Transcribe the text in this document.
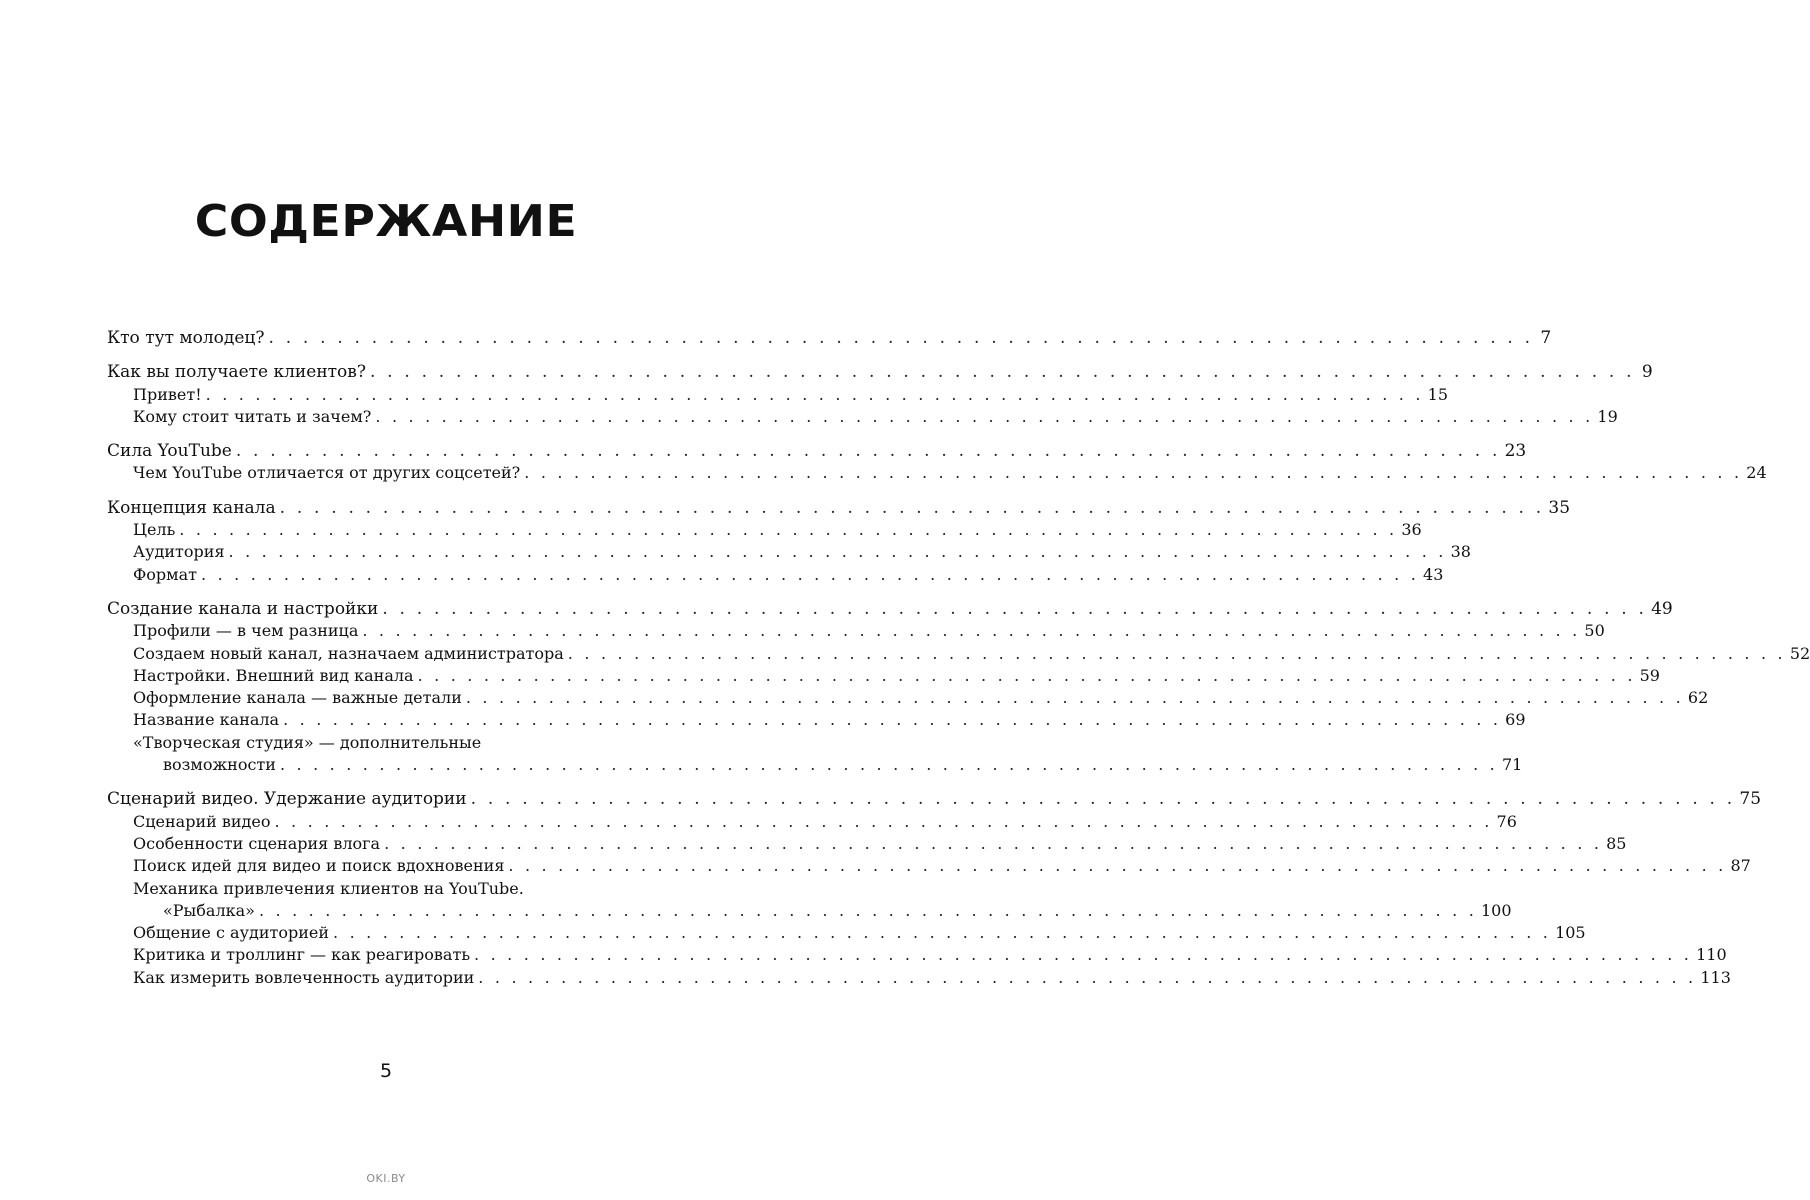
СОДЕРЖАНИЕ
Кто тут молодец? . . . . . . . . . . . . . . . . . . . . . . . . . . . . . . . . . . . . . . . . . . . . . . . . . . . . . . . . . . . . . . . . . . . . . . . . . . 7
Как вы получаете клиентов? . . . . . . . . . . . . . . . . . . . . . . . . . . . . . . . . . . . . . . . . . . . . . . . . . . . . . . . . . . . . . . . . . . . . . . . . . . 9
Привет! . . . . . . . . . . . . . . . . . . . . . . . . . . . . . . . . . . . . . . . . . . . . . . . . . . . . . . . . . . . . . . . . . . . . . . . . . . 15
Кому стоит читать и зачем? . . . . . . . . . . . . . . . . . . . . . . . . . . . . . . . . . . . . . . . . . . . . . . . . . . . . . . . . . . . . . . . . . . . . . . . . . . 19
Сила YouTube . . . . . . . . . . . . . . . . . . . . . . . . . . . . . . . . . . . . . . . . . . . . . . . . . . . . . . . . . . . . . . . . . . . . . . . . . . 23
Чем YouTube отличается от других соцсетей? . . . . . . . . . . . . . . . . . . . . . . . . . . . . . . . . . . . . . . . . . . . . . . . . . . . . . . . . . . . . . . . . . . . . . . . . . . 24
Концепция канала . . . . . . . . . . . . . . . . . . . . . . . . . . . . . . . . . . . . . . . . . . . . . . . . . . . . . . . . . . . . . . . . . . . . . . . . . . 35
Цель . . . . . . . . . . . . . . . . . . . . . . . . . . . . . . . . . . . . . . . . . . . . . . . . . . . . . . . . . . . . . . . . . . . . . . . . . . 36
Аудитория . . . . . . . . . . . . . . . . . . . . . . . . . . . . . . . . . . . . . . . . . . . . . . . . . . . . . . . . . . . . . . . . . . . . . . . . . . 38
Формат . . . . . . . . . . . . . . . . . . . . . . . . . . . . . . . . . . . . . . . . . . . . . . . . . . . . . . . . . . . . . . . . . . . . . . . . . . 43
Создание канала и настройки . . . . . . . . . . . . . . . . . . . . . . . . . . . . . . . . . . . . . . . . . . . . . . . . . . . . . . . . . . . . . . . . . . . . . . . . . . 49
Профили — в чем разница . . . . . . . . . . . . . . . . . . . . . . . . . . . . . . . . . . . . . . . . . . . . . . . . . . . . . . . . . . . . . . . . . . . . . . . . . . 50
Создаем новый канал, назначаем администратора . . . . . . . . . . . . . . . . . . . . . . . . . . . . . . . . . . . . . . . . . . . . . . . . . . . . . . . . . . . . . . . . . . . . . . . . . . 52
Настройки. Внешний вид канала . . . . . . . . . . . . . . . . . . . . . . . . . . . . . . . . . . . . . . . . . . . . . . . . . . . . . . . . . . . . . . . . . . . . . . . . . . 59
Оформление канала — важные детали . . . . . . . . . . . . . . . . . . . . . . . . . . . . . . . . . . . . . . . . . . . . . . . . . . . . . . . . . . . . . . . . . . . . . . . . . . 62
Название канала . . . . . . . . . . . . . . . . . . . . . . . . . . . . . . . . . . . . . . . . . . . . . . . . . . . . . . . . . . . . . . . . . . . . . . . . . . 69
«Творческая студия» — дополнительные
возможности . . . . . . . . . . . . . . . . . . . . . . . . . . . . . . . . . . . . . . . . . . . . . . . . . . . . . . . . . . . . . . . . . . . . . . . . . . 71
Сценарий видео. Удержание аудитории . . . . . . . . . . . . . . . . . . . . . . . . . . . . . . . . . . . . . . . . . . . . . . . . . . . . . . . . . . . . . . . . . . . . . . . . . . 75
Сценарий видео . . . . . . . . . . . . . . . . . . . . . . . . . . . . . . . . . . . . . . . . . . . . . . . . . . . . . . . . . . . . . . . . . . . . . . . . . . 76
Особенности сценария влога . . . . . . . . . . . . . . . . . . . . . . . . . . . . . . . . . . . . . . . . . . . . . . . . . . . . . . . . . . . . . . . . . . . . . . . . . . 85
Поиск идей для видео и поиск вдохновения . . . . . . . . . . . . . . . . . . . . . . . . . . . . . . . . . . . . . . . . . . . . . . . . . . . . . . . . . . . . . . . . . . . . . . . . . . 87
Механика привлечения клиентов на YouTube.
«Рыбалка» . . . . . . . . . . . . . . . . . . . . . . . . . . . . . . . . . . . . . . . . . . . . . . . . . . . . . . . . . . . . . . . . . . . . . . . . . . 100
Общение с аудиторией . . . . . . . . . . . . . . . . . . . . . . . . . . . . . . . . . . . . . . . . . . . . . . . . . . . . . . . . . . . . . . . . . . . . . . . . . . 105
Критика и троллинг — как реагировать . . . . . . . . . . . . . . . . . . . . . . . . . . . . . . . . . . . . . . . . . . . . . . . . . . . . . . . . . . . . . . . . . . . . . . . . . . 110
Как измерить вовлеченность аудитории . . . . . . . . . . . . . . . . . . . . . . . . . . . . . . . . . . . . . . . . . . . . . . . . . . . . . . . . . . . . . . . . . . . . . . . . . . 113
5
OKI.BY
